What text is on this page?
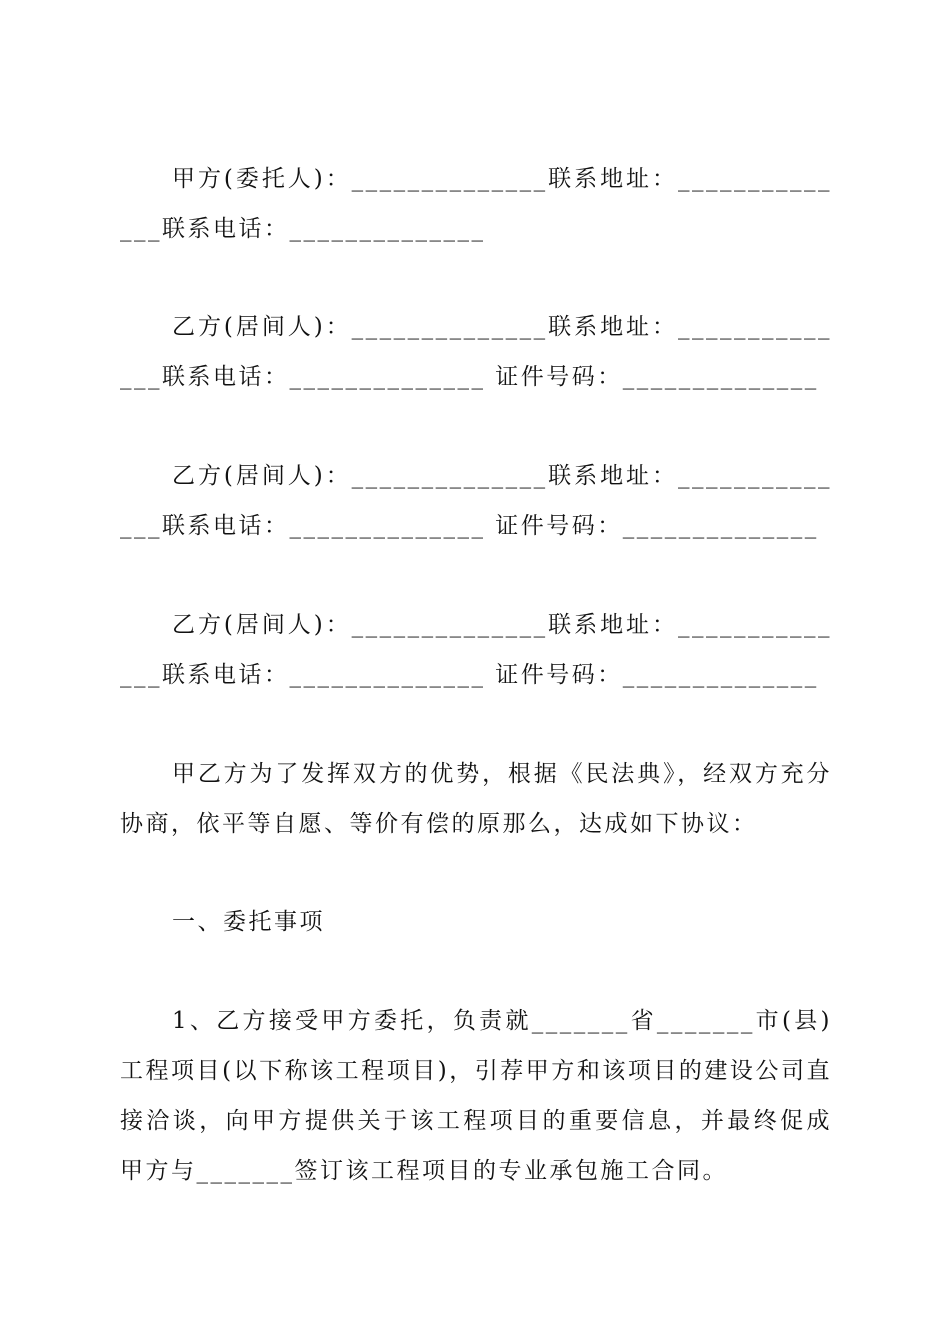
甲方(委托人)：______________联系地址：______________联系电话：______________

乙方(居间人)：______________联系地址：______________联系电话：______________ 证件号码：______________

乙方(居间人)：______________联系地址：______________联系电话：______________ 证件号码：______________

乙方(居间人)：______________联系地址：______________联系电话：______________ 证件号码：______________

甲乙方为了发挥双方的优势，根据《民法典》，经双方充分协商，依平等自愿、等价有偿的原那么，达成如下协议：

一、委托事项

1、乙方接受甲方委托，负责就_______省_______市(县) 工程项目(以下称该工程项目)，引荐甲方和该项目的建设公司直接洽谈，向甲方提供关于该工程项目的重要信息，并最终促成甲方与_______签订该工程项目的专业承包施工合同。
